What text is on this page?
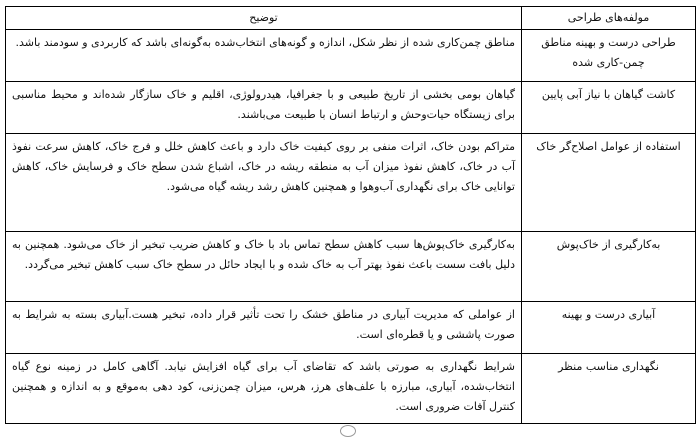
مولفه‌های طراحی	توضیح
طراحی درست و بهینه مناطق چمن-کاری شده	مناطق چمن‌کاری شده از نظر شکل، اندازه و گونه‌های انتخاب‌شده به‌گونه‌ای باشد که کاربردی و سودمند باشد.
کاشت گیاهان با نیاز آبی پایین	گیاهان بومی بخشی از تاریخ طبیعی و با جغرافیا، هیدرولوژی، اقلیم و خاک سازگار شده‌اند و محیط مناسبی برای زیستگاه حیات‌وحش و ارتباط انسان با طبیعت می‌باشند.
استفاده از عوامل اصلاح‌گر خاک	متراکم بودن خاک، اثرات منفی بر روی کیفیت خاک دارد و باعث کاهش خلل و فرج خاک، کاهش سرعت نفوذ آب در خاک، کاهش نفوذ میزان آب به منطقه ریشه در خاک، اشباع شدن سطح خاک و فرسایش خاک، کاهش توانایی خاک برای نگهداری آب‌وهوا و همچنین کاهش رشد ریشه گیاه می‌شود.
به‌کارگیری از خاک‌پوش	به‌کارگیری خاک‌پوش‌ها سبب کاهش سطح تماس باد با خاک و کاهش ضریب تبخیر از خاک می‌شود. همچنین به دلیل بافت سست باعث نفوذ بهتر آب به خاک شده و با ایجاد حائل در سطح خاک سبب کاهش تبخیر می‌گردد.
آبیاری درست و بهینه	از عواملی که مدیریت آبیاری در مناطق خشک را تحت تأثیر قرار داده، تبخیر هست.آبیاری بسته به شرایط به صورت پاششی و یا قطره‌ای است.
نگهداری مناسب منظر	شرایط نگهداری به صورتی باشد که تقاضای آب برای گیاه افزایش نیابد. آگاهی کامل در زمینه نوع گیاه انتخاب‌شده، آبیاری، مبارزه با علف‌های هرز، هرس، میزان چمن‌زنی، کود دهی به‌موقع و به اندازه و همچنین کنترل آفات ضروری است.
